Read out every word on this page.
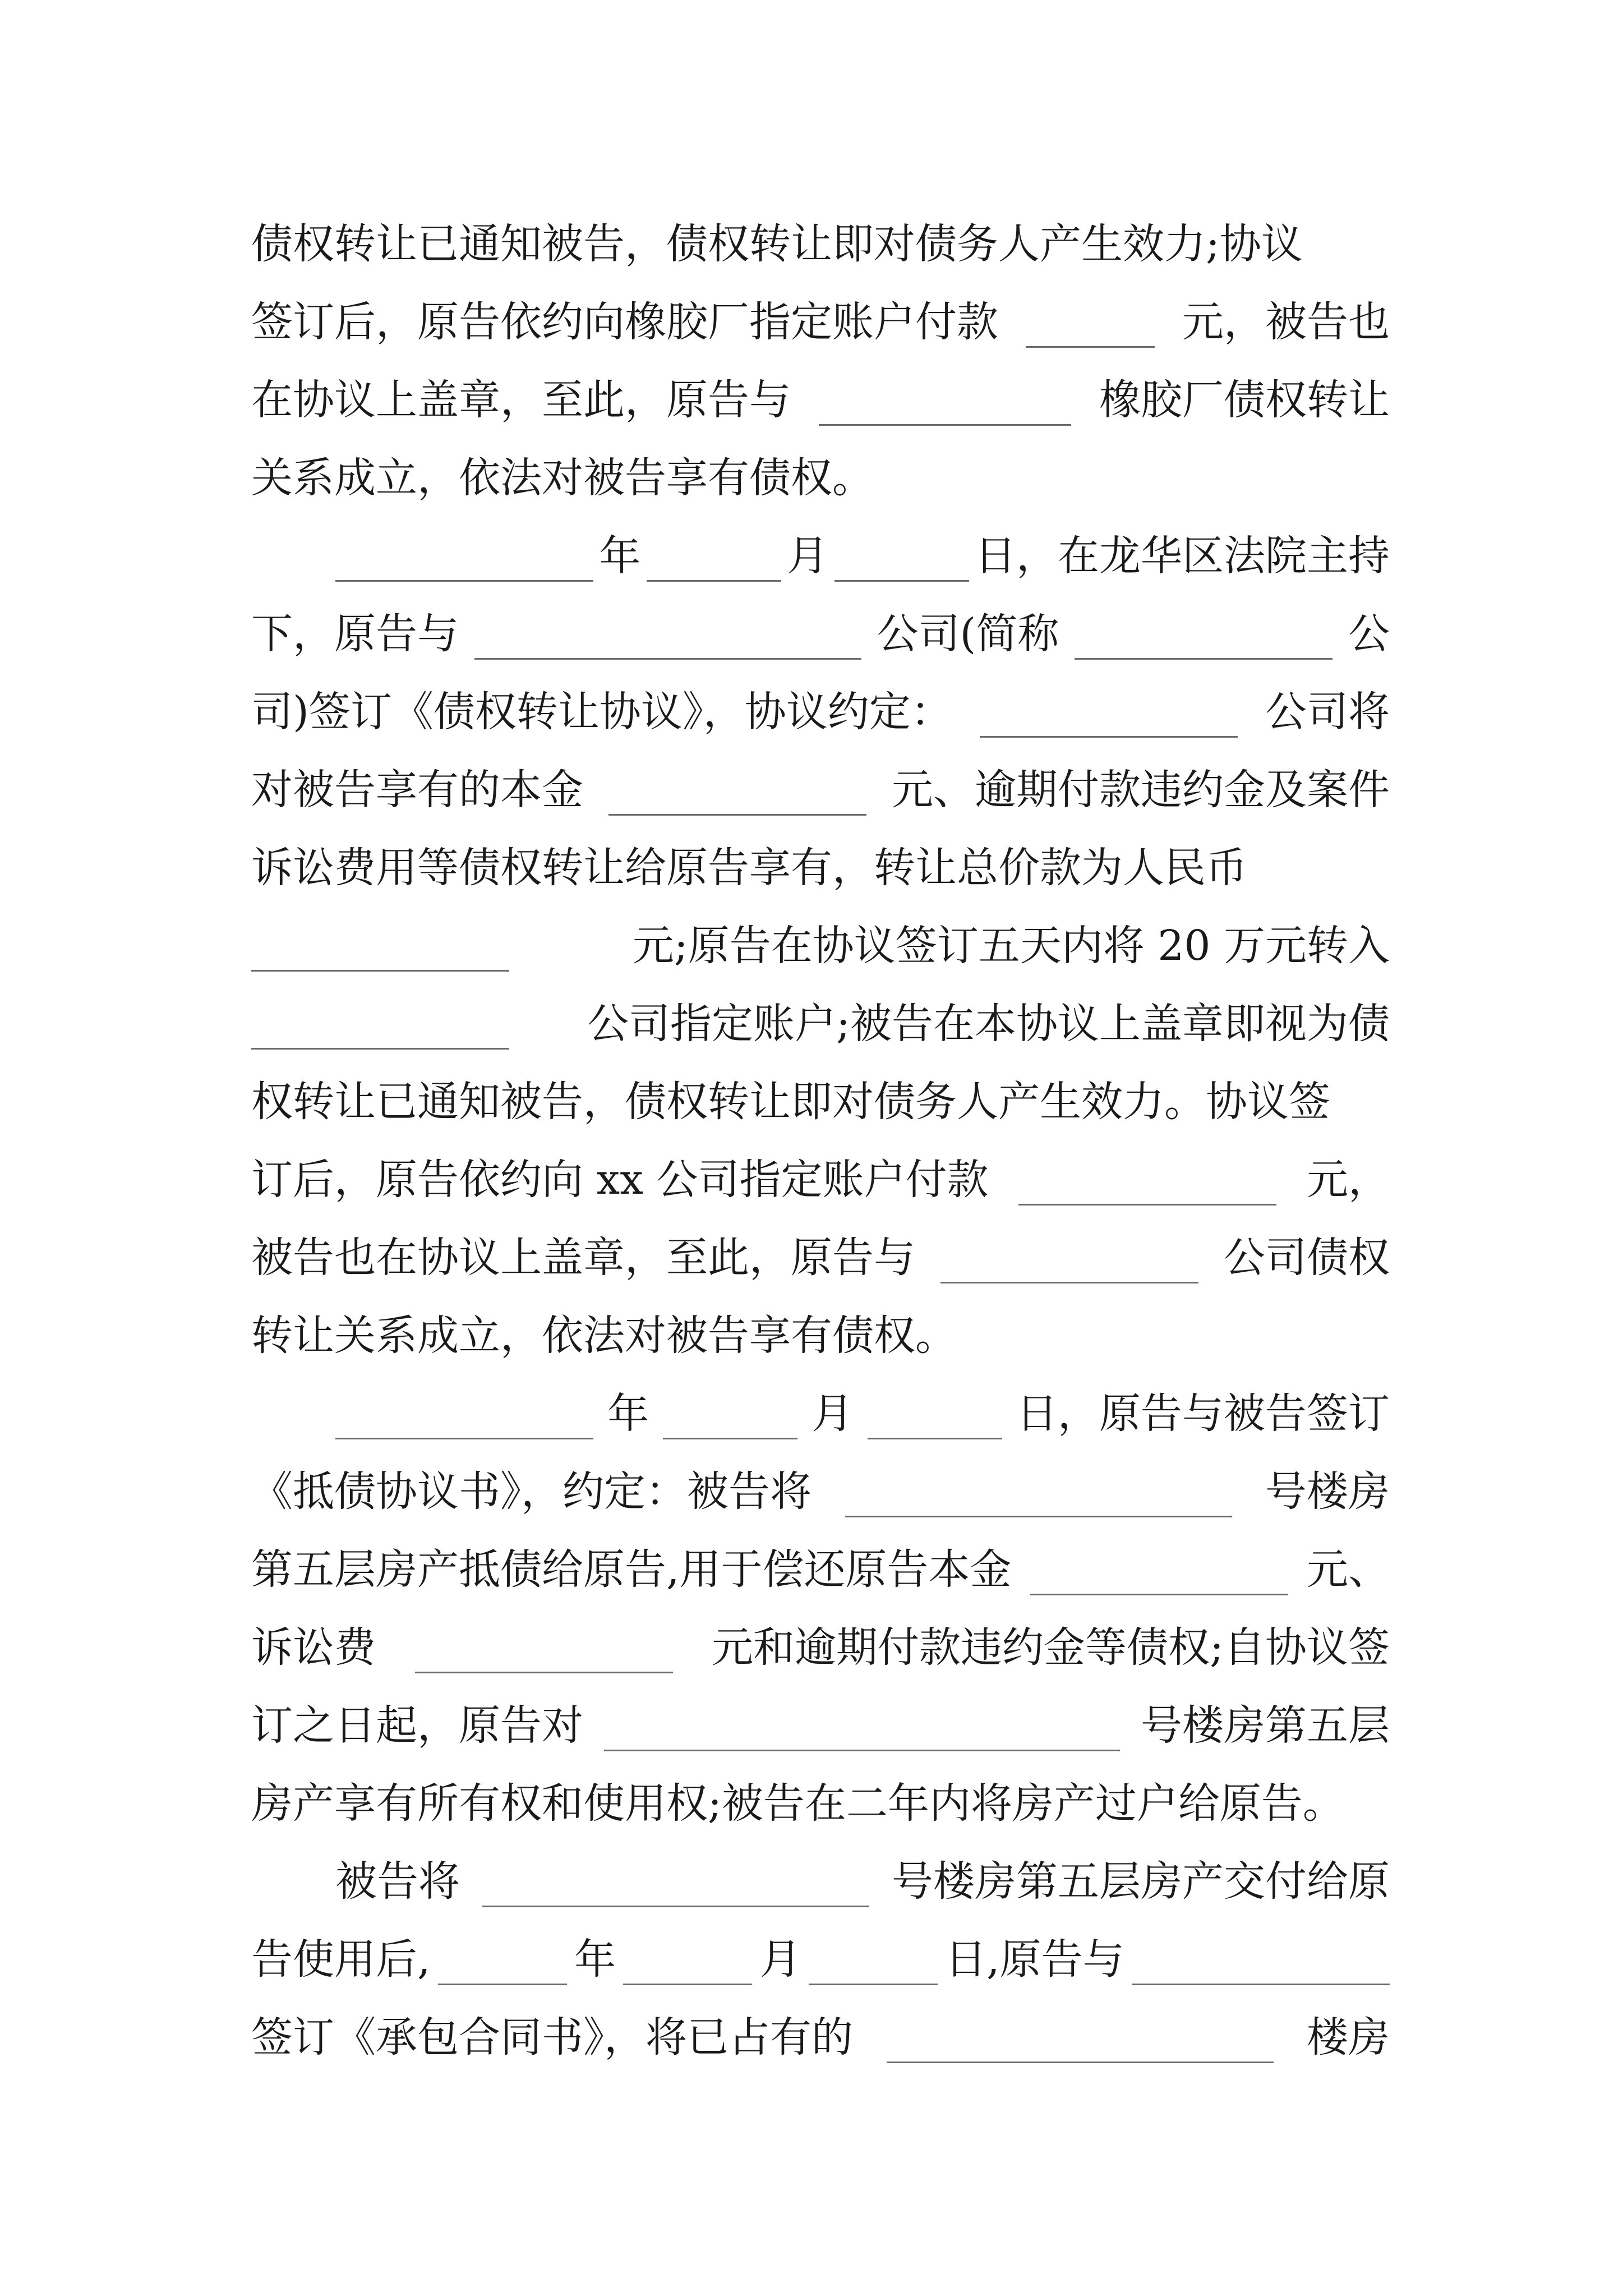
债权转让已通知被告，债权转让即对债务人产生效力;协议
签订后，原告依约向橡胶厂指定账户付款	元，被告也
在协议上盖章，至此，原告与	橡胶厂债权转让
关系成立，依法对被告享有债权。
年	月	日，在龙华区法院主持
下，原告与	公司(简称	公
司)签订《债权转让协议》，协议约定：	公司将
对被告享有的本金	元、逾期付款违约金及案件
诉讼费用等债权转让给原告享有，转让总价款为人民币
元;原告在协议签订五天内将 20 万元转入
公司指定账户;被告在本协议上盖章即视为债
权转让已通知被告，债权转让即对债务人产生效力。协议签
订后，原告依约向 xx 公司指定账户付款	元，
被告也在协议上盖章，至此，原告与	公司债权
转让关系成立，依法对被告享有债权。
年	月	日，原告与被告签订
《抵债协议书》，约定：被告将	号楼房
第五层房产抵债给原告,用于偿还原告本金	元、
诉讼费	元和逾期付款违约金等债权;自协议签
订之日起，原告对	号楼房第五层
房产享有所有权和使用权;被告在二年内将房产过户给原告。
被告将	号楼房第五层房产交付给原
告使用后,	年	月	日,原告与
签订《承包合同书》，将已占有的	楼房
